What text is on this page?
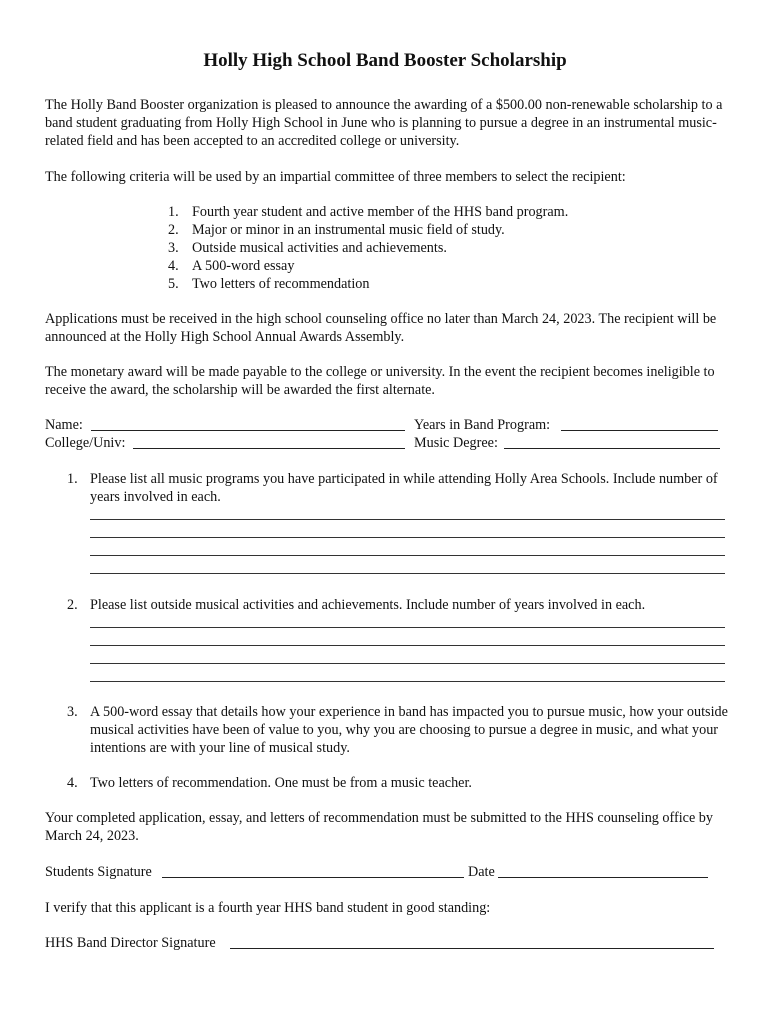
Holly High School Band Booster Scholarship
The Holly Band Booster organization is pleased to announce the awarding of a $500.00 non-renewable scholarship to a band student graduating from Holly High School in June who is planning to pursue a degree in an instrumental music-related field and has been accepted to an accredited college or university.
The following criteria will be used by an impartial committee of three members to select the recipient:
1. Fourth year student and active member of the HHS band program.
2. Major or minor in an instrumental music field of study.
3. Outside musical activities and achievements.
4. A 500-word essay
5. Two letters of recommendation
Applications must be received in the high school counseling office no later than March 24, 2023. The recipient will be announced at the Holly High School Annual Awards Assembly.
The monetary award will be made payable to the college or university. In the event the recipient becomes ineligible to receive the award, the scholarship will be awarded the first alternate.
Name:	Years in Band Program:
College/Univ:	Music Degree:
1. Please list all music programs you have participated in while attending Holly Area Schools. Include number of years involved in each.
2. Please list outside musical activities and achievements. Include number of years involved in each.
3. A 500-word essay that details how your experience in band has impacted you to pursue music, how your outside musical activities have been of value to you, why you are choosing to pursue a degree in music, and what your intentions are with your line of musical study.
4. Two letters of recommendation. One must be from a music teacher.
Your completed application, essay, and letters of recommendation must be submitted to the HHS counseling office by March 24, 2023.
Students Signature	Date
I verify that this applicant is a fourth year HHS band student in good standing:
HHS Band Director Signature
